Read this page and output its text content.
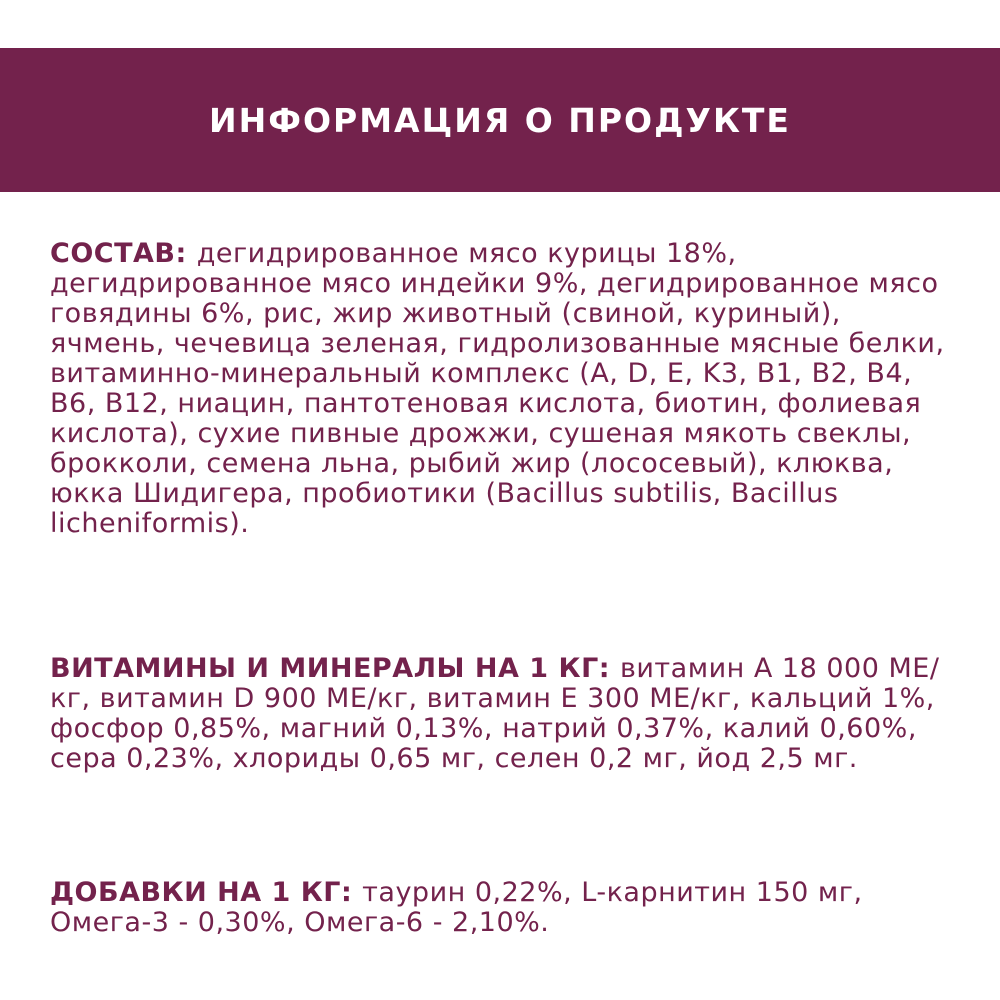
ИНФОРМАЦИЯ О ПРОДУКТЕ
СОСТАВ: дегидрированное мясо курицы 18%, дегидрированное мясо индейки 9%, дегидрированное мясо говядины 6%, рис, жир животный (свиной, куриный), ячмень, чечевица зеленая, гидролизованные мясные белки, витаминно-минеральный комплекс (A, D, E, K3, B1, B2, B4, B6, B12, ниацин, пантотеновая кислота, биотин, фолиевая кислота), сухие пивные дрожжи, сушеная мякоть свеклы, брокколи, семена льна, рыбий жир (лососевый), клюква, юкка Шидигера, пробиотики (Bacillus subtilis, Bacillus licheniformis).
ВИТАМИНЫ И МИНЕРАЛЫ НА 1 КГ: витамин А 18 000 МЕ/кг, витамин D 900 МЕ/кг, витамин Е 300 МЕ/кг, кальций 1%, фосфор 0,85%, магний 0,13%, натрий 0,37%, калий 0,60%, сера 0,23%, хлориды 0,65 мг, селен 0,2 мг, йод 2,5 мг.
ДОБАВКИ НА 1 КГ: таурин 0,22%, L-карнитин 150 мг, Омега-3 - 0,30%, Омега-6 - 2,10%.
